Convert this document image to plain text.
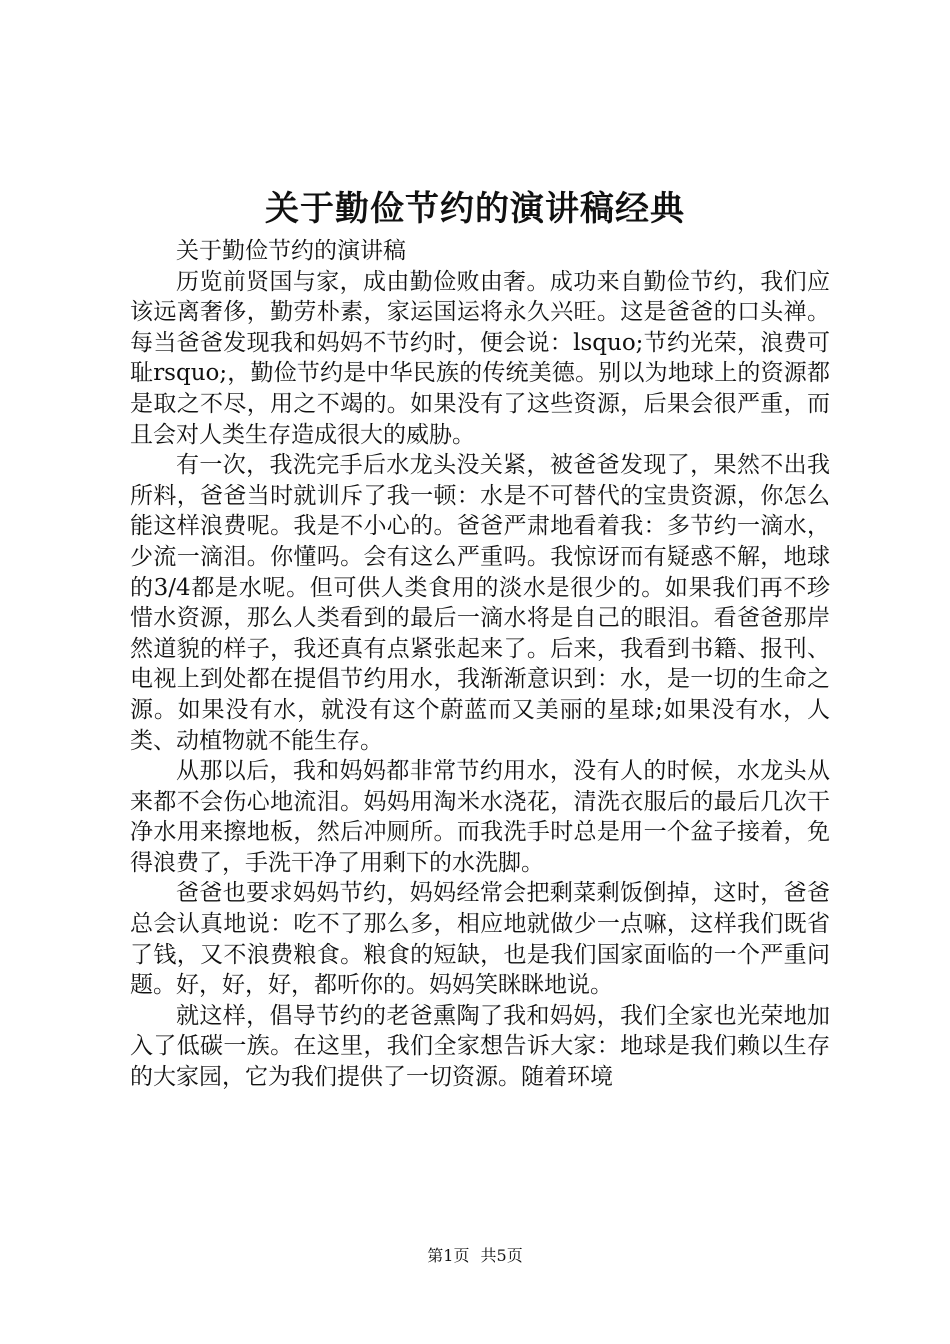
关于勤俭节约的演讲稿经典

关于勤俭节约的演讲稿

历览前贤国与家，成由勤俭败由奢。成功来自勤俭节约，我们应该远离奢侈，勤劳朴素，家运国运将永久兴旺。这是爸爸的口头禅。每当爸爸发现我和妈妈不节约时，便会说：lsquo;节约光荣，浪费可耻rsquo;，勤俭节约是中华民族的传统美德。别以为地球上的资源都是取之不尽，用之不竭的。如果没有了这些资源，后果会很严重，而且会对人类生存造成很大的威胁。

有一次，我洗完手后水龙头没关紧，被爸爸发现了，果然不出我所料，爸爸当时就训斥了我一顿：水是不可替代的宝贵资源，你怎么能这样浪费呢。我是不小心的。爸爸严肃地看着我：多节约一滴水，少流一滴泪。你懂吗。会有这么严重吗。我惊讶而有疑惑不解，地球的3/4都是水呢。但可供人类食用的淡水是很少的。如果我们再不珍惜水资源，那么人类看到的最后一滴水将是自己的眼泪。看爸爸那岸然道貌的样子，我还真有点紧张起来了。后来，我看到书籍、报刊、电视上到处都在提倡节约用水，我渐渐意识到：水，是一切的生命之源。如果没有水，就没有这个蔚蓝而又美丽的星球;如果没有水，人类、动植物就不能生存。

从那以后，我和妈妈都非常节约用水，没有人的时候，水龙头从来都不会伤心地流泪。妈妈用淘米水浇花，清洗衣服后的最后几次干净水用来擦地板，然后冲厕所。而我洗手时总是用一个盆子接着，免得浪费了，手洗干净了用剩下的水洗脚。

爸爸也要求妈妈节约，妈妈经常会把剩菜剩饭倒掉，这时，爸爸总会认真地说：吃不了那么多，相应地就做少一点嘛，这样我们既省了钱，又不浪费粮食。粮食的短缺，也是我们国家面临的一个严重问题。好，好，好，都听你的。妈妈笑眯眯地说。

就这样，倡导节约的老爸熏陶了我和妈妈，我们全家也光荣地加入了低碳一族。在这里，我们全家想告诉大家：地球是我们赖以生存的大家园，它为我们提供了一切资源。随着环境

第1页 共5页
